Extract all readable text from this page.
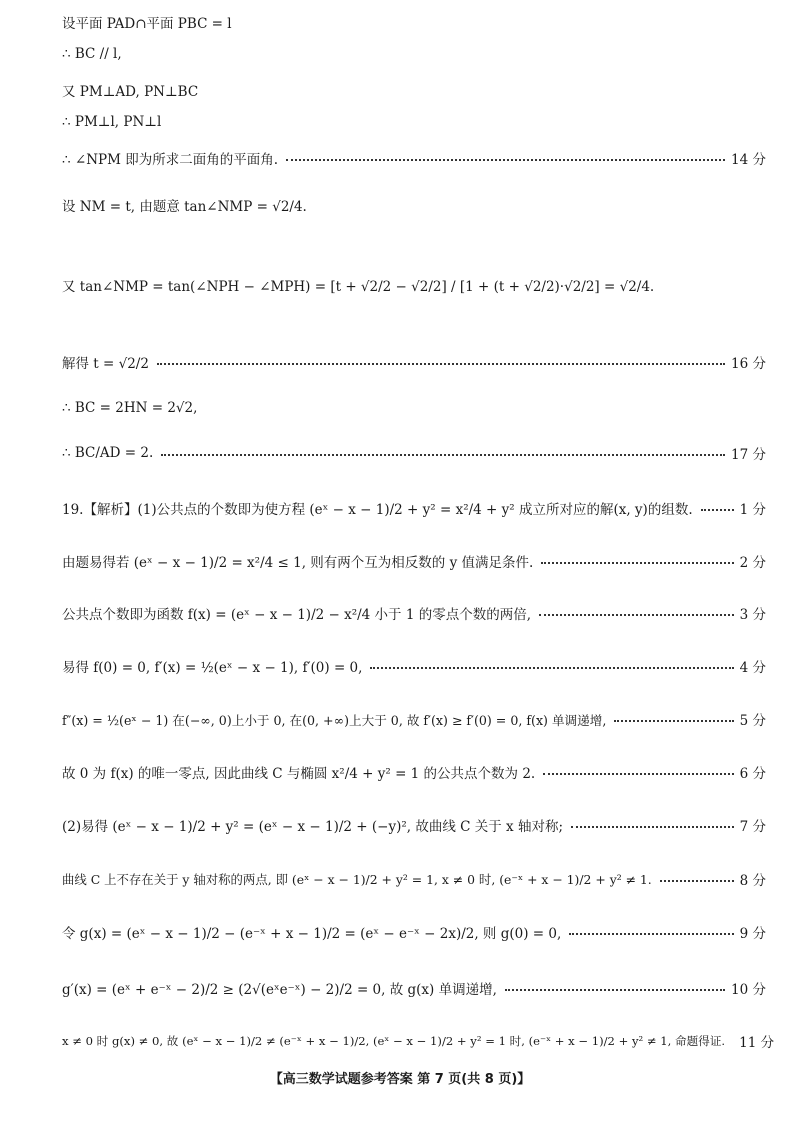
设平面 PAD∩平面 PBC = l
∴ BC // l,
又 PM⊥AD, PN⊥BC
∴ PM⊥l, PN⊥l
∴ ∠NPM 即为所求二面角的平面角.	14 分
设 NM = t, 由题意 tan∠NMP = √2/4.
又 tan∠NMP = tan(∠NPH − ∠MPH) = [t + √2/2 − √2/2] / [1 + (t + √2/2)·√2/2] = √2/4.
解得 t = √2/2	16 分
∴ BC = 2HN = 2√2,
∴ BC/AD = 2.	17 分
19.【解析】(1)公共点的个数即为使方程 (eˣ − x − 1)/2 + y² = x²/4 + y² 成立所对应的解(x, y)的组数.	1 分
由题易得若 (eˣ − x − 1)/2 = x²/4 ≤ 1, 则有两个互为相反数的 y 值满足条件.	2 分
公共点个数即为函数 f(x) = (eˣ − x − 1)/2 − x²/4 小于 1 的零点个数的两倍,	3 分
易得 f(0) = 0, f′(x) = ½(eˣ − x − 1), f′(0) = 0,	4 分
f″(x) = ½(eˣ − 1) 在(−∞, 0)上小于 0, 在(0, +∞)上大于 0, 故 f′(x) ≥ f′(0) = 0, f(x) 单调递增,	5 分
故 0 为 f(x) 的唯一零点, 因此曲线 C 与椭圆 x²/4 + y² = 1 的公共点个数为 2.	6 分
(2)易得 (eˣ − x − 1)/2 + y² = (eˣ − x − 1)/2 + (−y)², 故曲线 C 关于 x 轴对称;	7 分
曲线 C 上不存在关于 y 轴对称的两点, 即 (eˣ − x − 1)/2 + y² = 1, x ≠ 0 时, (e⁻ˣ + x − 1)/2 + y² ≠ 1.	8 分
令 g(x) = (eˣ − x − 1)/2 − (e⁻ˣ + x − 1)/2 = (eˣ − e⁻ˣ − 2x)/2, 则 g(0) = 0,	9 分
g′(x) = (eˣ + e⁻ˣ − 2)/2 ≥ (2√(eˣe⁻ˣ) − 2)/2 = 0, 故 g(x) 单调递增,	10 分
x ≠ 0 时 g(x) ≠ 0, 故 (eˣ − x − 1)/2 ≠ (e⁻ˣ + x − 1)/2, (eˣ − x − 1)/2 + y² = 1 时, (e⁻ˣ + x − 1)/2 + y² ≠ 1, 命题得证. 11 分
【高三数学试题参考答案 第 7 页(共 8 页)】
